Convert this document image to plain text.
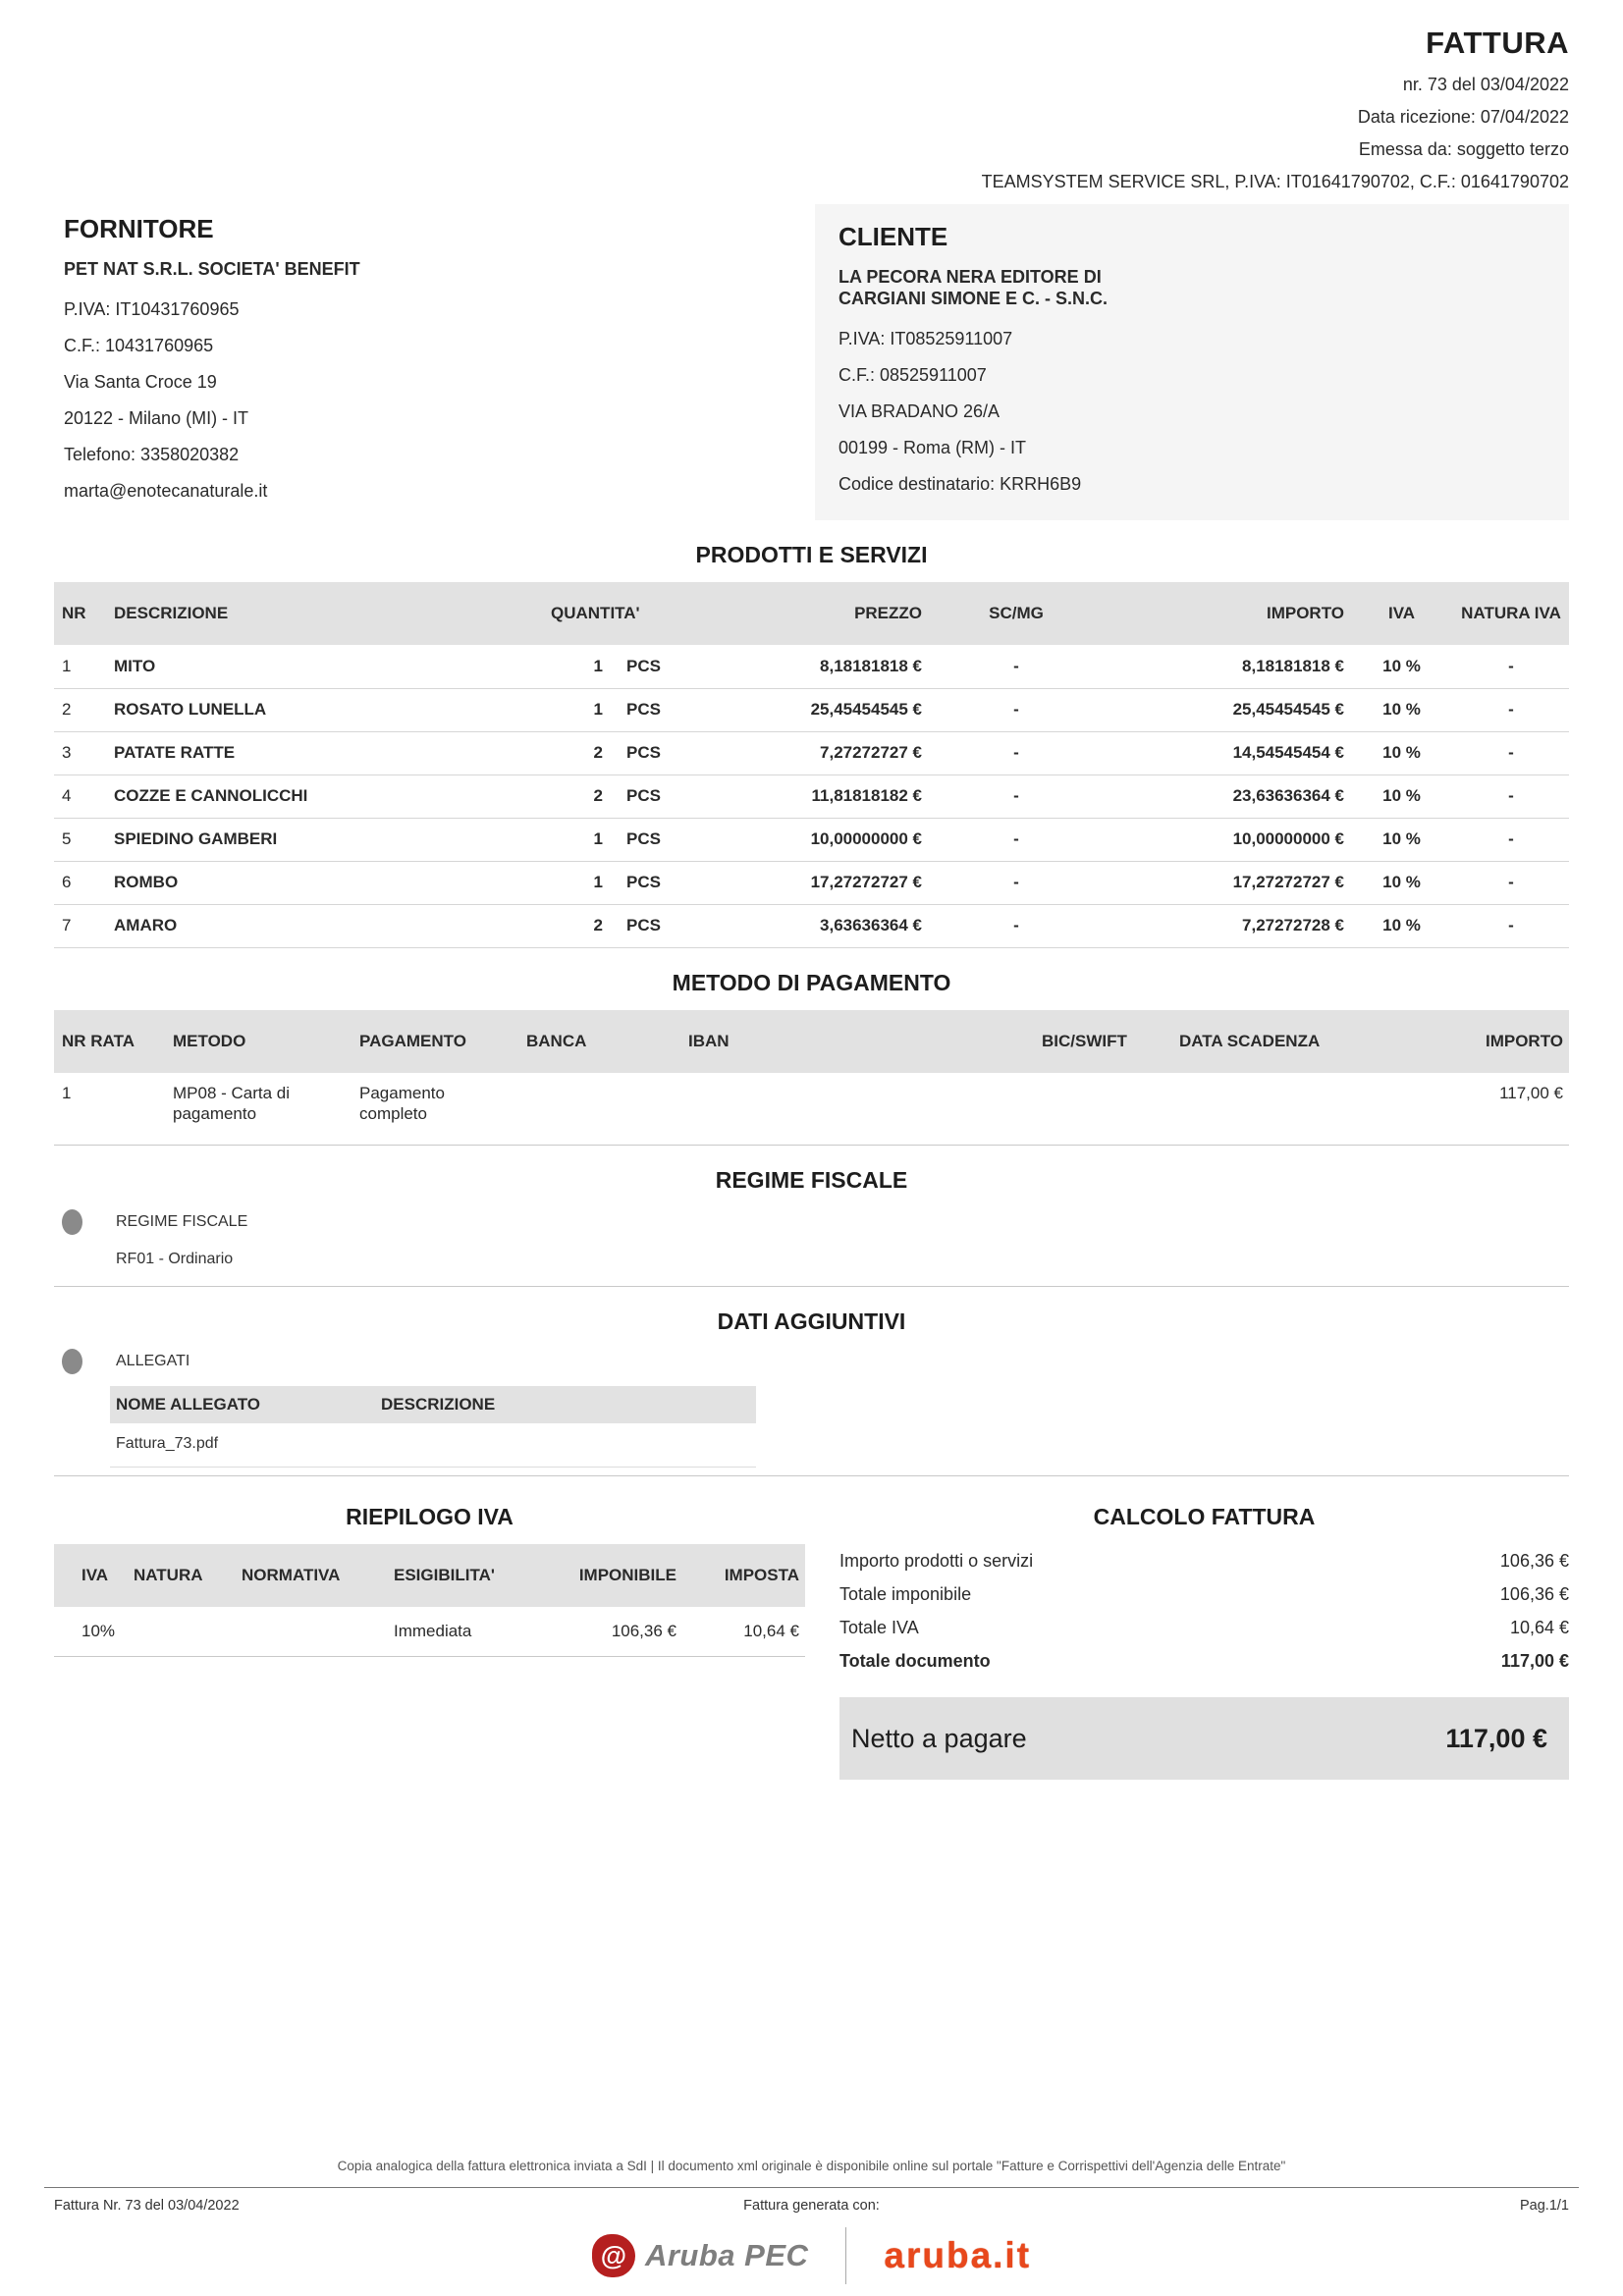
FATTURA
nr. 73 del 03/04/2022
Data ricezione: 07/04/2022
Emessa da: soggetto terzo
TEAMSYSTEM SERVICE SRL, P.IVA: IT01641790702, C.F.: 01641790702
FORNITORE
PET NAT S.R.L. SOCIETA' BENEFIT
P.IVA: IT10431760965
C.F.: 10431760965
Via Santa Croce 19
20122 - Milano (MI) - IT
Telefono: 3358020382
marta@enotecanaturale.it
CLIENTE
LA PECORA NERA EDITORE DI CARGIANI SIMONE E C. - S.N.C.
P.IVA: IT08525911007
C.F.: 08525911007
VIA BRADANO 26/A
00199 - Roma (RM) - IT
Codice destinatario: KRRH6B9
PRODOTTI E SERVIZI
NR	DESCRIZIONE	QUANTITA'		PREZZO	SC/MG	IMPORTO	IVA	NATURA IVA
1	MITO	1	PCS	8,18181818 €	-	8,18181818 €	10 %	-
2	ROSATO LUNELLA	1	PCS	25,45454545 €	-	25,45454545 €	10 %	-
3	PATATE RATTE	2	PCS	7,27272727 €	-	14,54545454 €	10 %	-
4	COZZE E CANNOLICCHI	2	PCS	11,81818182 €	-	23,63636364 €	10 %	-
5	SPIEDINO GAMBERI	1	PCS	10,00000000 €	-	10,00000000 €	10 %	-
6	ROMBO	1	PCS	17,27272727 €	-	17,27272727 €	10 %	-
7	AMARO	2	PCS	3,63636364 €	-	7,27272728 €	10 %	-
METODO DI PAGAMENTO
NR RATA	METODO	PAGAMENTO	BANCA	IBAN	BIC/SWIFT	DATA SCADENZA	IMPORTO
1	MP08 - Carta di pagamento	Pagamento completo					117,00 €
REGIME FISCALE
REGIME FISCALE
RF01 - Ordinario
DATI AGGIUNTIVI
ALLEGATI
NOME ALLEGATO	DESCRIZIONE
Fattura_73.pdf
RIEPILOGO IVA
IVA	NATURA	NORMATIVA	ESIGIBILITA'	IMPONIBILE	IMPOSTA
10%			Immediata	106,36 €	10,64 €
CALCOLO FATTURA
Importo prodotti o servizi	106,36 €
Totale imponibile	106,36 €
Totale IVA	10,64 €
Totale documento	117,00 €
Netto a pagare	117,00 €
Copia analogica della fattura elettronica inviata a SdI | Il documento xml originale è disponibile online sul portale "Fatture e Corrispettivi dell'Agenzia delle Entrate"
Fattura Nr. 73 del 03/04/2022	Fattura generata con:	Pag.1/1
@ Aruba PEC aruba.it
